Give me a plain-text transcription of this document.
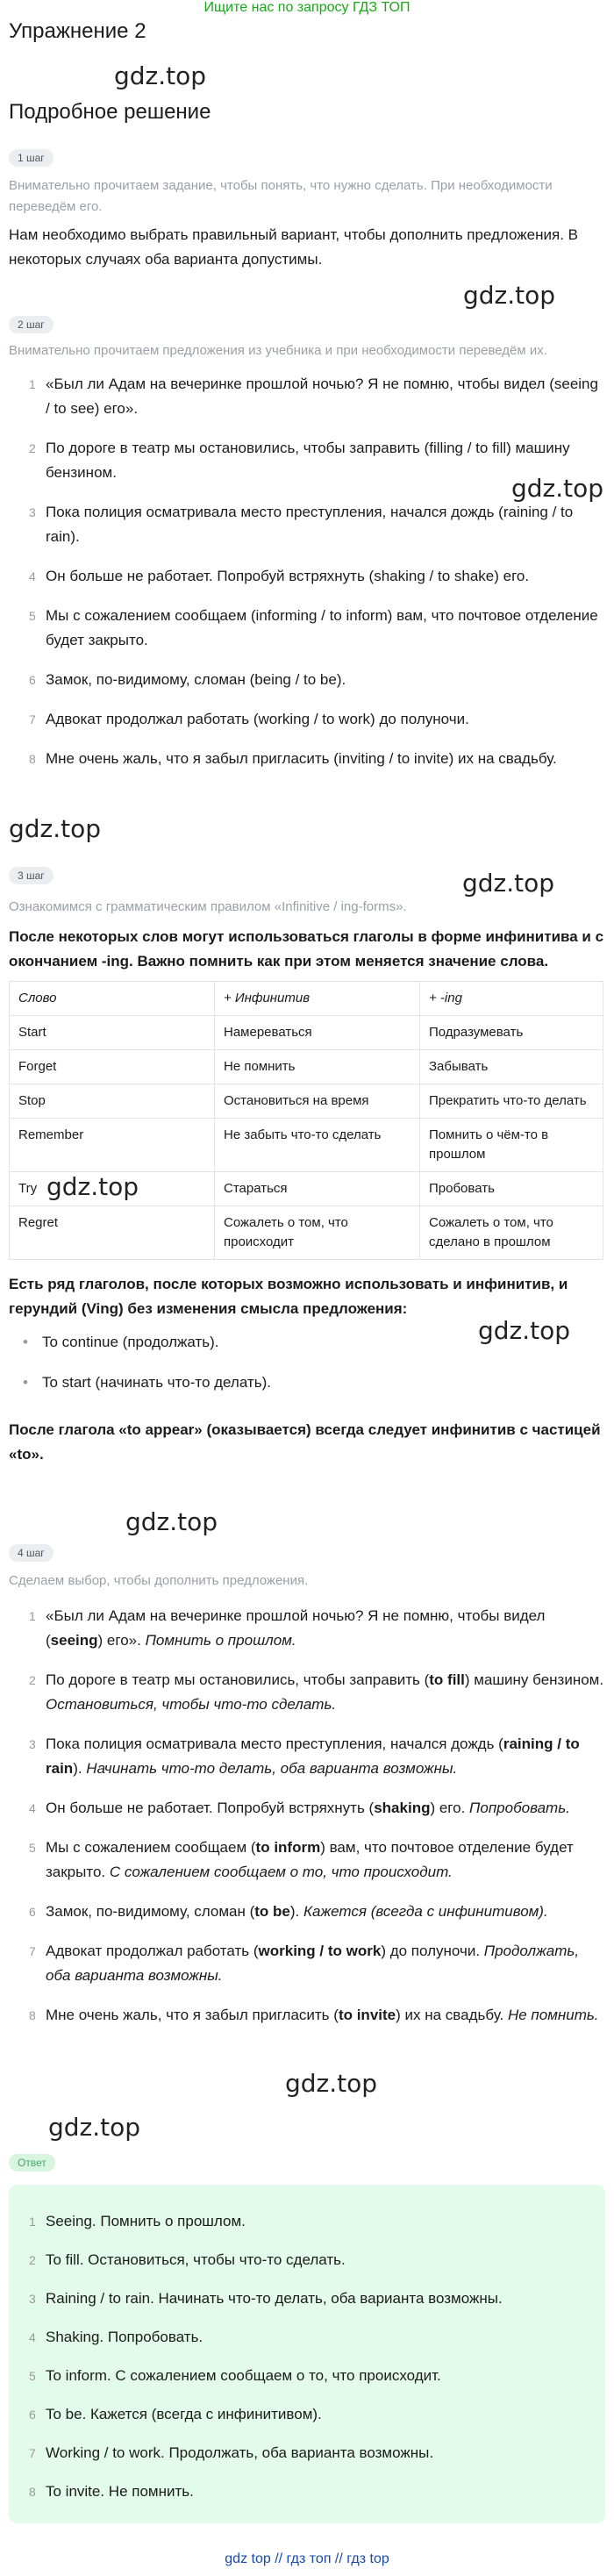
Ищите нас по запросу ГДЗ ТОП
Упражнение 2
Подробное решение
gdz.top
gdz.top
gdz.top
gdz.top
gdz.top
gdz.top
gdz.top
gdz.top
gdz.top
gdz.top
1 шаг
Внимательно прочитаем задание, чтобы понять, что нужно сделать. При необходимости переведём его.
Нам необходимо выбрать правильный вариант, чтобы дополнить предложения. В некоторых случаях оба варианта допустимы.
2 шаг
Внимательно прочитаем предложения из учебника и при необходимости переведём их.
1 «Был ли Адам на вечеринке прошлой ночью? Я не помню, чтобы видел (seeing / to see) его».
2 По дороге в театр мы остановились, чтобы заправить (filling / to fill) машину бензином.
3 Пока полиция осматривала место преступления, начался дождь (raining / to rain).
4 Он больше не работает. Попробуй встряхнуть (shaking / to shake) его.
5 Мы с сожалением сообщаем (informing / to inform) вам, что почтовое отделение будет закрыто.
6 Замок, по-видимому, сломан (being / to be).
7 Адвокат продолжал работать (working / to work) до полуночи.
8 Мне очень жаль, что я забыл пригласить (inviting / to invite) их на свадьбу.
3 шаг
Ознакомимся с грамматическим правилом «Infinitive / ing-forms».
После некоторых слов могут использоваться глаголы в форме инфинитива и с окончанием -ing. Важно помнить как при этом меняется значение слова.
Слово	+ Инфинитив	+ -ing
Start	Намереваться	Подразумевать
Forget	Не помнить	Забывать
Stop	Остановиться на время	Прекратить что-то делать
Remember	Не забыть что-то сделать	Помнить о чём-то в прошлом
Try	Стараться	Пробовать
Regret	Сожалеть о том, что происходит	Сожалеть о том, что сделано в прошлом
Есть ряд глаголов, после которых возможно использовать и инфинитив, и герундий (Ving) без изменения смысла предложения:
• To continue (продолжать).
• To start (начинать что-то делать).
После глагола «to appear» (оказывается) всегда следует инфинитив с частицей «to».
4 шаг
Сделаем выбор, чтобы дополнить предложения.
1 «Был ли Адам на вечеринке прошлой ночью? Я не помню, чтобы видел (seeing) его». Помнить о прошлом.
2 По дороге в театр мы остановились, чтобы заправить (to fill) машину бензином. Остановиться, чтобы что-то сделать.
3 Пока полиция осматривала место преступления, начался дождь (raining / to rain). Начинать что-то делать, оба варианта возможны.
4 Он больше не работает. Попробуй встряхнуть (shaking) его. Попробовать.
5 Мы с сожалением сообщаем (to inform) вам, что почтовое отделение будет закрыто. С сожалением сообщаем о то, что происходит.
6 Замок, по-видимому, сломан (to be). Кажется (всегда с инфинитивом).
7 Адвокат продолжал работать (working / to work) до полуночи. Продолжать, оба варианта возможны.
8 Мне очень жаль, что я забыл пригласить (to invite) их на свадьбу. Не помнить.
Ответ
1 Seeing. Помнить о прошлом.
2 To fill. Остановиться, чтобы что-то сделать.
3 Raining / to rain. Начинать что-то делать, оба варианта возможны.
4 Shaking. Попробовать.
5 To inform. С сожалением сообщаем о то, что происходит.
6 To be. Кажется (всегда с инфинитивом).
7 Working / to work. Продолжать, оба варианта возможны.
8 To invite. Не помнить.
gdz top // гдз топ // гдз top
